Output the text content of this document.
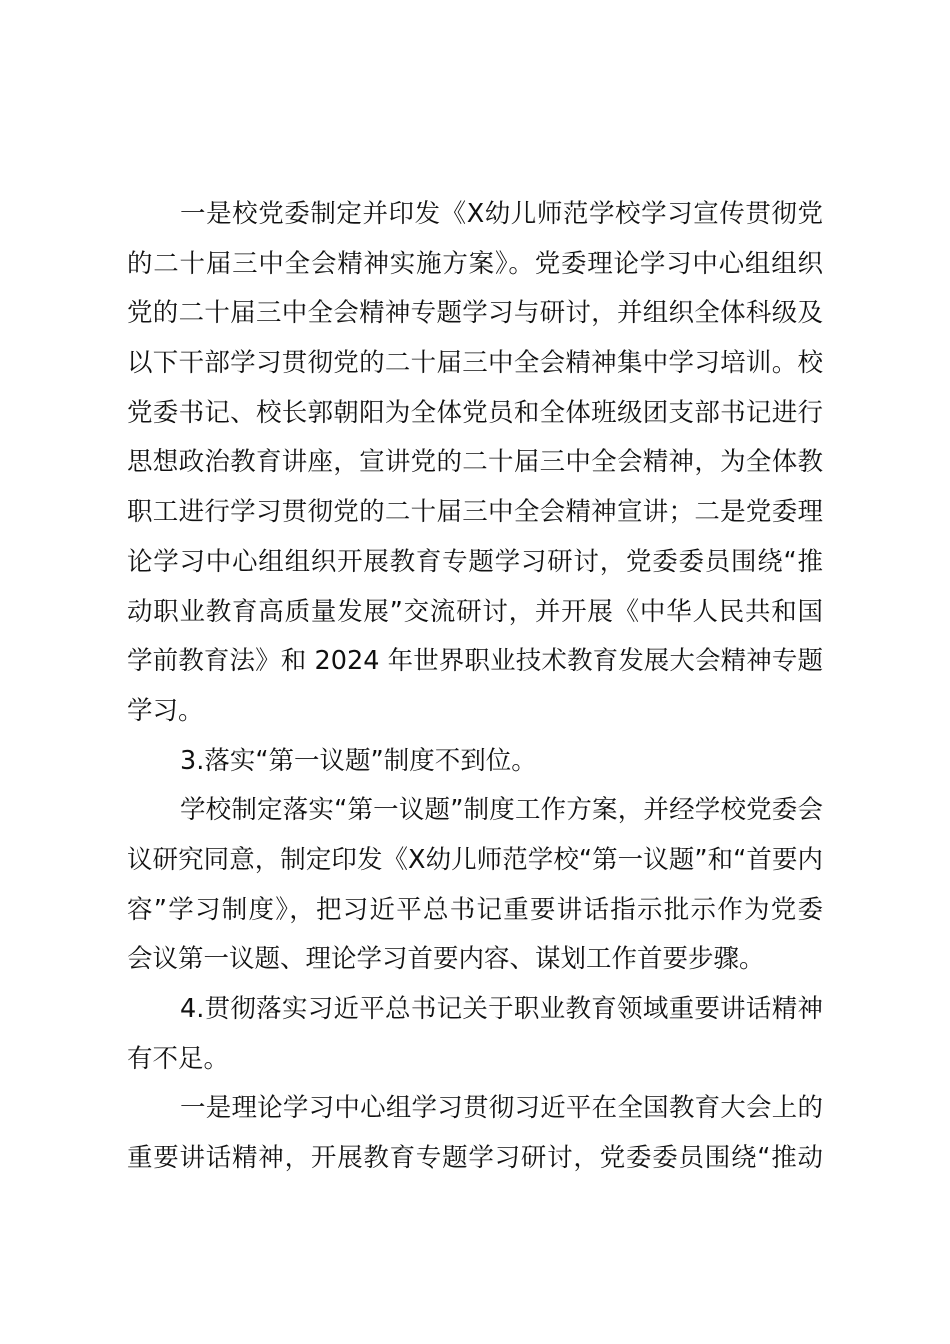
一是校党委制定并印发《X幼儿师范学校学习宣传贯彻党
的二十届三中全会精神实施方案》。党委理论学习中心组组织
党的二十届三中全会精神专题学习与研讨，并组织全体科级及
以下干部学习贯彻党的二十届三中全会精神集中学习培训。校
党委书记、校长郭朝阳为全体党员和全体班级团支部书记进行
思想政治教育讲座，宣讲党的二十届三中全会精神，为全体教
职工进行学习贯彻党的二十届三中全会精神宣讲；二是党委理
论学习中心组组织开展教育专题学习研讨，党委委员围绕“推
动职业教育高质量发展”交流研讨，并开展《中华人民共和国
学前教育法》和 2024 年世界职业技术教育发展大会精神专题
学习。
3.落实“第一议题”制度不到位。
学校制定落实“第一议题”制度工作方案，并经学校党委会
议研究同意，制定印发《X幼儿师范学校“第一议题”和“首要内
容”学习制度》，把习近平总书记重要讲话指示批示作为党委
会议第一议题、理论学习首要内容、谋划工作首要步骤。
4.贯彻落实习近平总书记关于职业教育领域重要讲话精神
有不足。
一是理论学习中心组学习贯彻习近平在全国教育大会上的
重要讲话精神，开展教育专题学习研讨，党委委员围绕“推动
